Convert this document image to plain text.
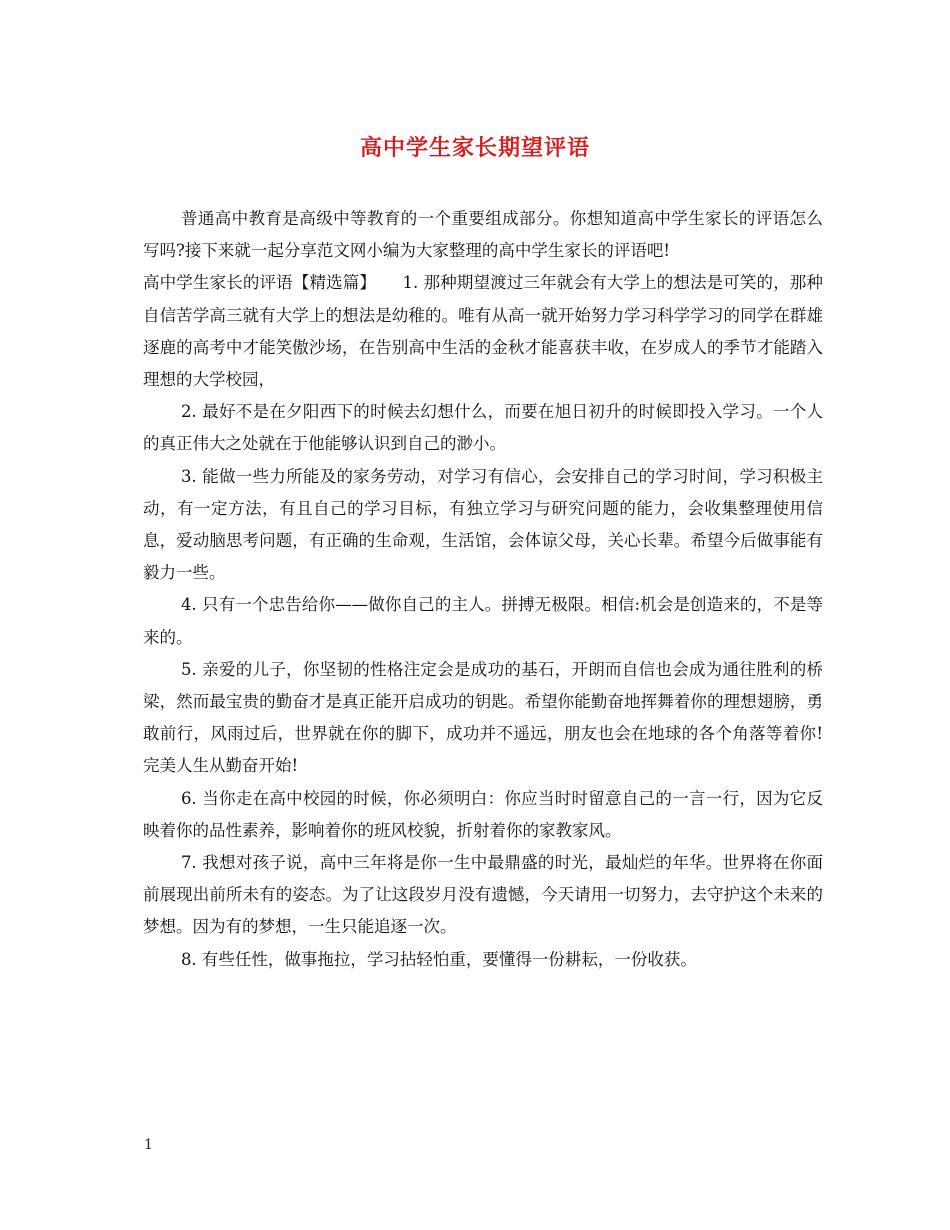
高中学生家长期望评语

普通高中教育是高级中等教育的一个重要组成部分。你想知道高中学生家长的评语怎么写吗?接下来就一起分享范文网小编为大家整理的高中学生家长的评语吧!

高中学生家长的评语【精选篇】 1. 那种期望渡过三年就会有大学上的想法是可笑的，那种自信苦学高三就有大学上的想法是幼稚的。唯有从高一就开始努力学习科学学习的同学在群雄逐鹿的高考中才能笑傲沙场，在告别高中生活的金秋才能喜获丰收，在岁成人的季节才能踏入理想的大学校园，

2. 最好不是在夕阳西下的时候去幻想什么，而要在旭日初升的时候即投入学习。一个人的真正伟大之处就在于他能够认识到自己的渺小。

3. 能做一些力所能及的家务劳动，对学习有信心，会安排自己的学习时间，学习积极主动，有一定方法，有且自己的学习目标，有独立学习与研究问题的能力，会收集整理使用信息，爱动脑思考问题，有正确的生命观，生活馆，会体谅父母，关心长辈。希望今后做事能有毅力一些。

4. 只有一个忠告给你——做你自己的主人。拼搏无极限。相信:机会是创造来的，不是等来的。

5. 亲爱的儿子，你坚韧的性格注定会是成功的基石，开朗而自信也会成为通往胜利的桥梁，然而最宝贵的勤奋才是真正能开启成功的钥匙。希望你能勤奋地挥舞着你的理想翅膀，勇敢前行，风雨过后，世界就在你的脚下，成功并不遥远，朋友也会在地球的各个角落等着你!完美人生从勤奋开始!

6. 当你走在高中校园的时候，你必须明白：你应当时时留意自己的一言一行，因为它反映着你的品性素养，影响着你的班风校貌，折射着你的家教家风。

7. 我想对孩子说，高中三年将是你一生中最鼎盛的时光，最灿烂的年华。世界将在你面前展现出前所未有的姿态。为了让这段岁月没有遗憾，今天请用一切努力，去守护这个未来的梦想。因为有的梦想，一生只能追逐一次。

8. 有些任性，做事拖拉，学习拈轻怕重，要懂得一份耕耘，一份收获。

1
